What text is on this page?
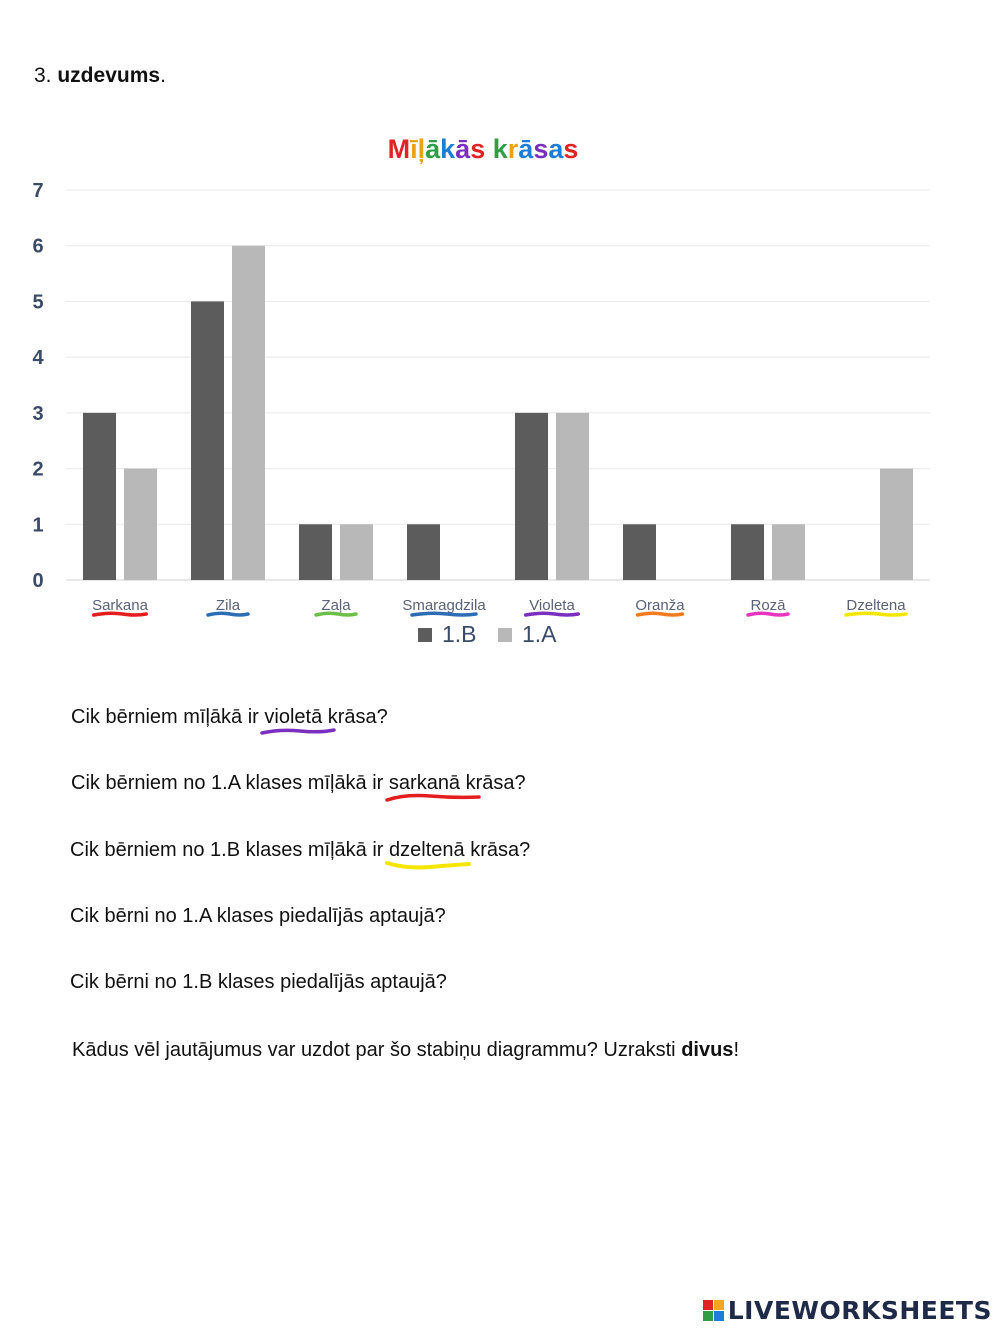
3. uzdevums.
Mīļākās krāsas
0
1
2
3
4
5
6
7
Sarkana	Zila	Zaļa	Smaragdzila	Violeta	Oranža	Rozā	Dzeltena
1.B 1.A
Cik bērniem mīļākā ir violetā
krāsa?
Cik bērniem no 1.A klases mīļākā ir sarkanā
krāsa?
Cik bērniem no 1.B klases mīļākā ir dzeltenā
krāsa?
Cik bērni no 1.A klases piedalījās aptaujā?
Cik bērni no 1.B klases piedalījās aptaujā?
Kādus vēl jautājumus var uzdot par šo stabiņu diagrammu? Uzraksti divus!
LIVEWORKSHEETS
